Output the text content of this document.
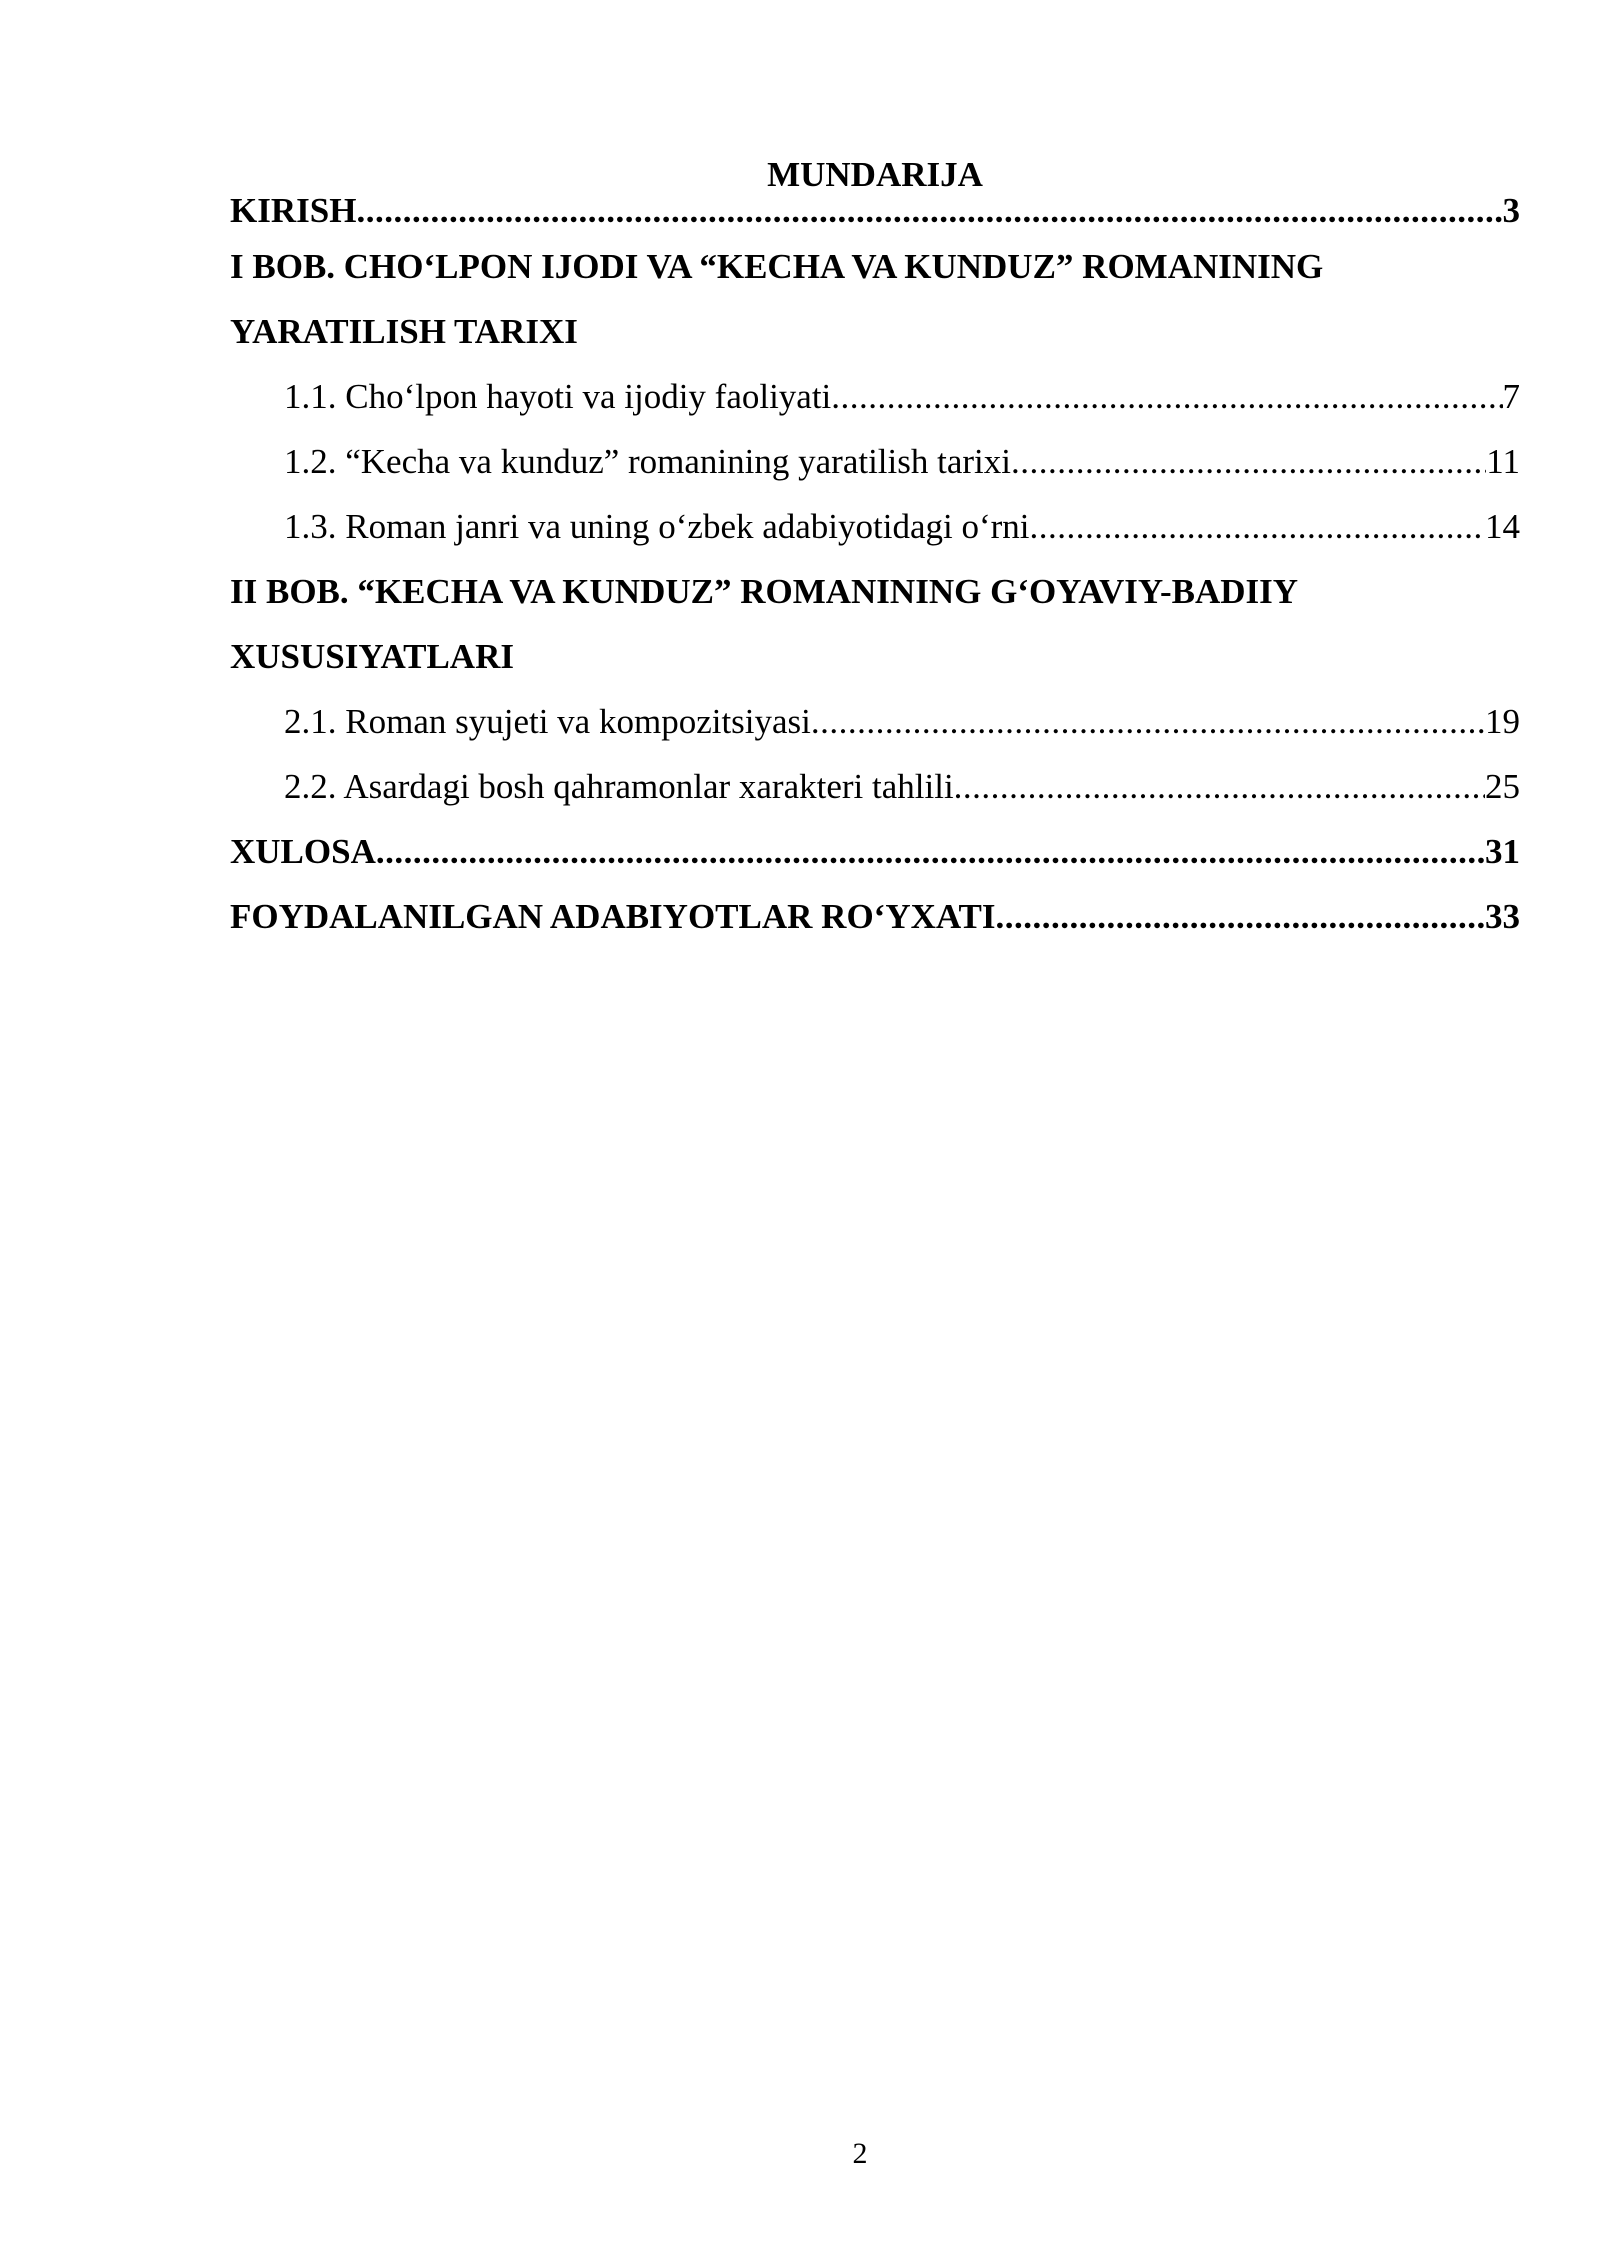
MUNDARIJA
KIRISH .....	3
I BOB. CHO‘LPON IJODI VA “KECHA VA KUNDUZ” ROMANINING
YARATILISH TARIXI
1.1. Cho‘lpon hayoti va ijodiy faoliyati .....	7
1.2. “Kecha va kunduz” romanining yaratilish tarixi .....	11
1.3. Roman janri va uning o‘zbek adabiyotidagi o‘rni .....	14
II BOB. “KECHA VA KUNDUZ” ROMANINING G‘OYAVIY-BADIIY
XUSUSIYATLARI
2.1. Roman syujeti va kompozitsiyasi .....	19
2.2. Asardagi bosh qahramonlar xarakteri tahlili .....	25
XULOSA .....	31
FOYDALANILGAN ADABIYOTLAR RO‘YXATI .....	33
2
